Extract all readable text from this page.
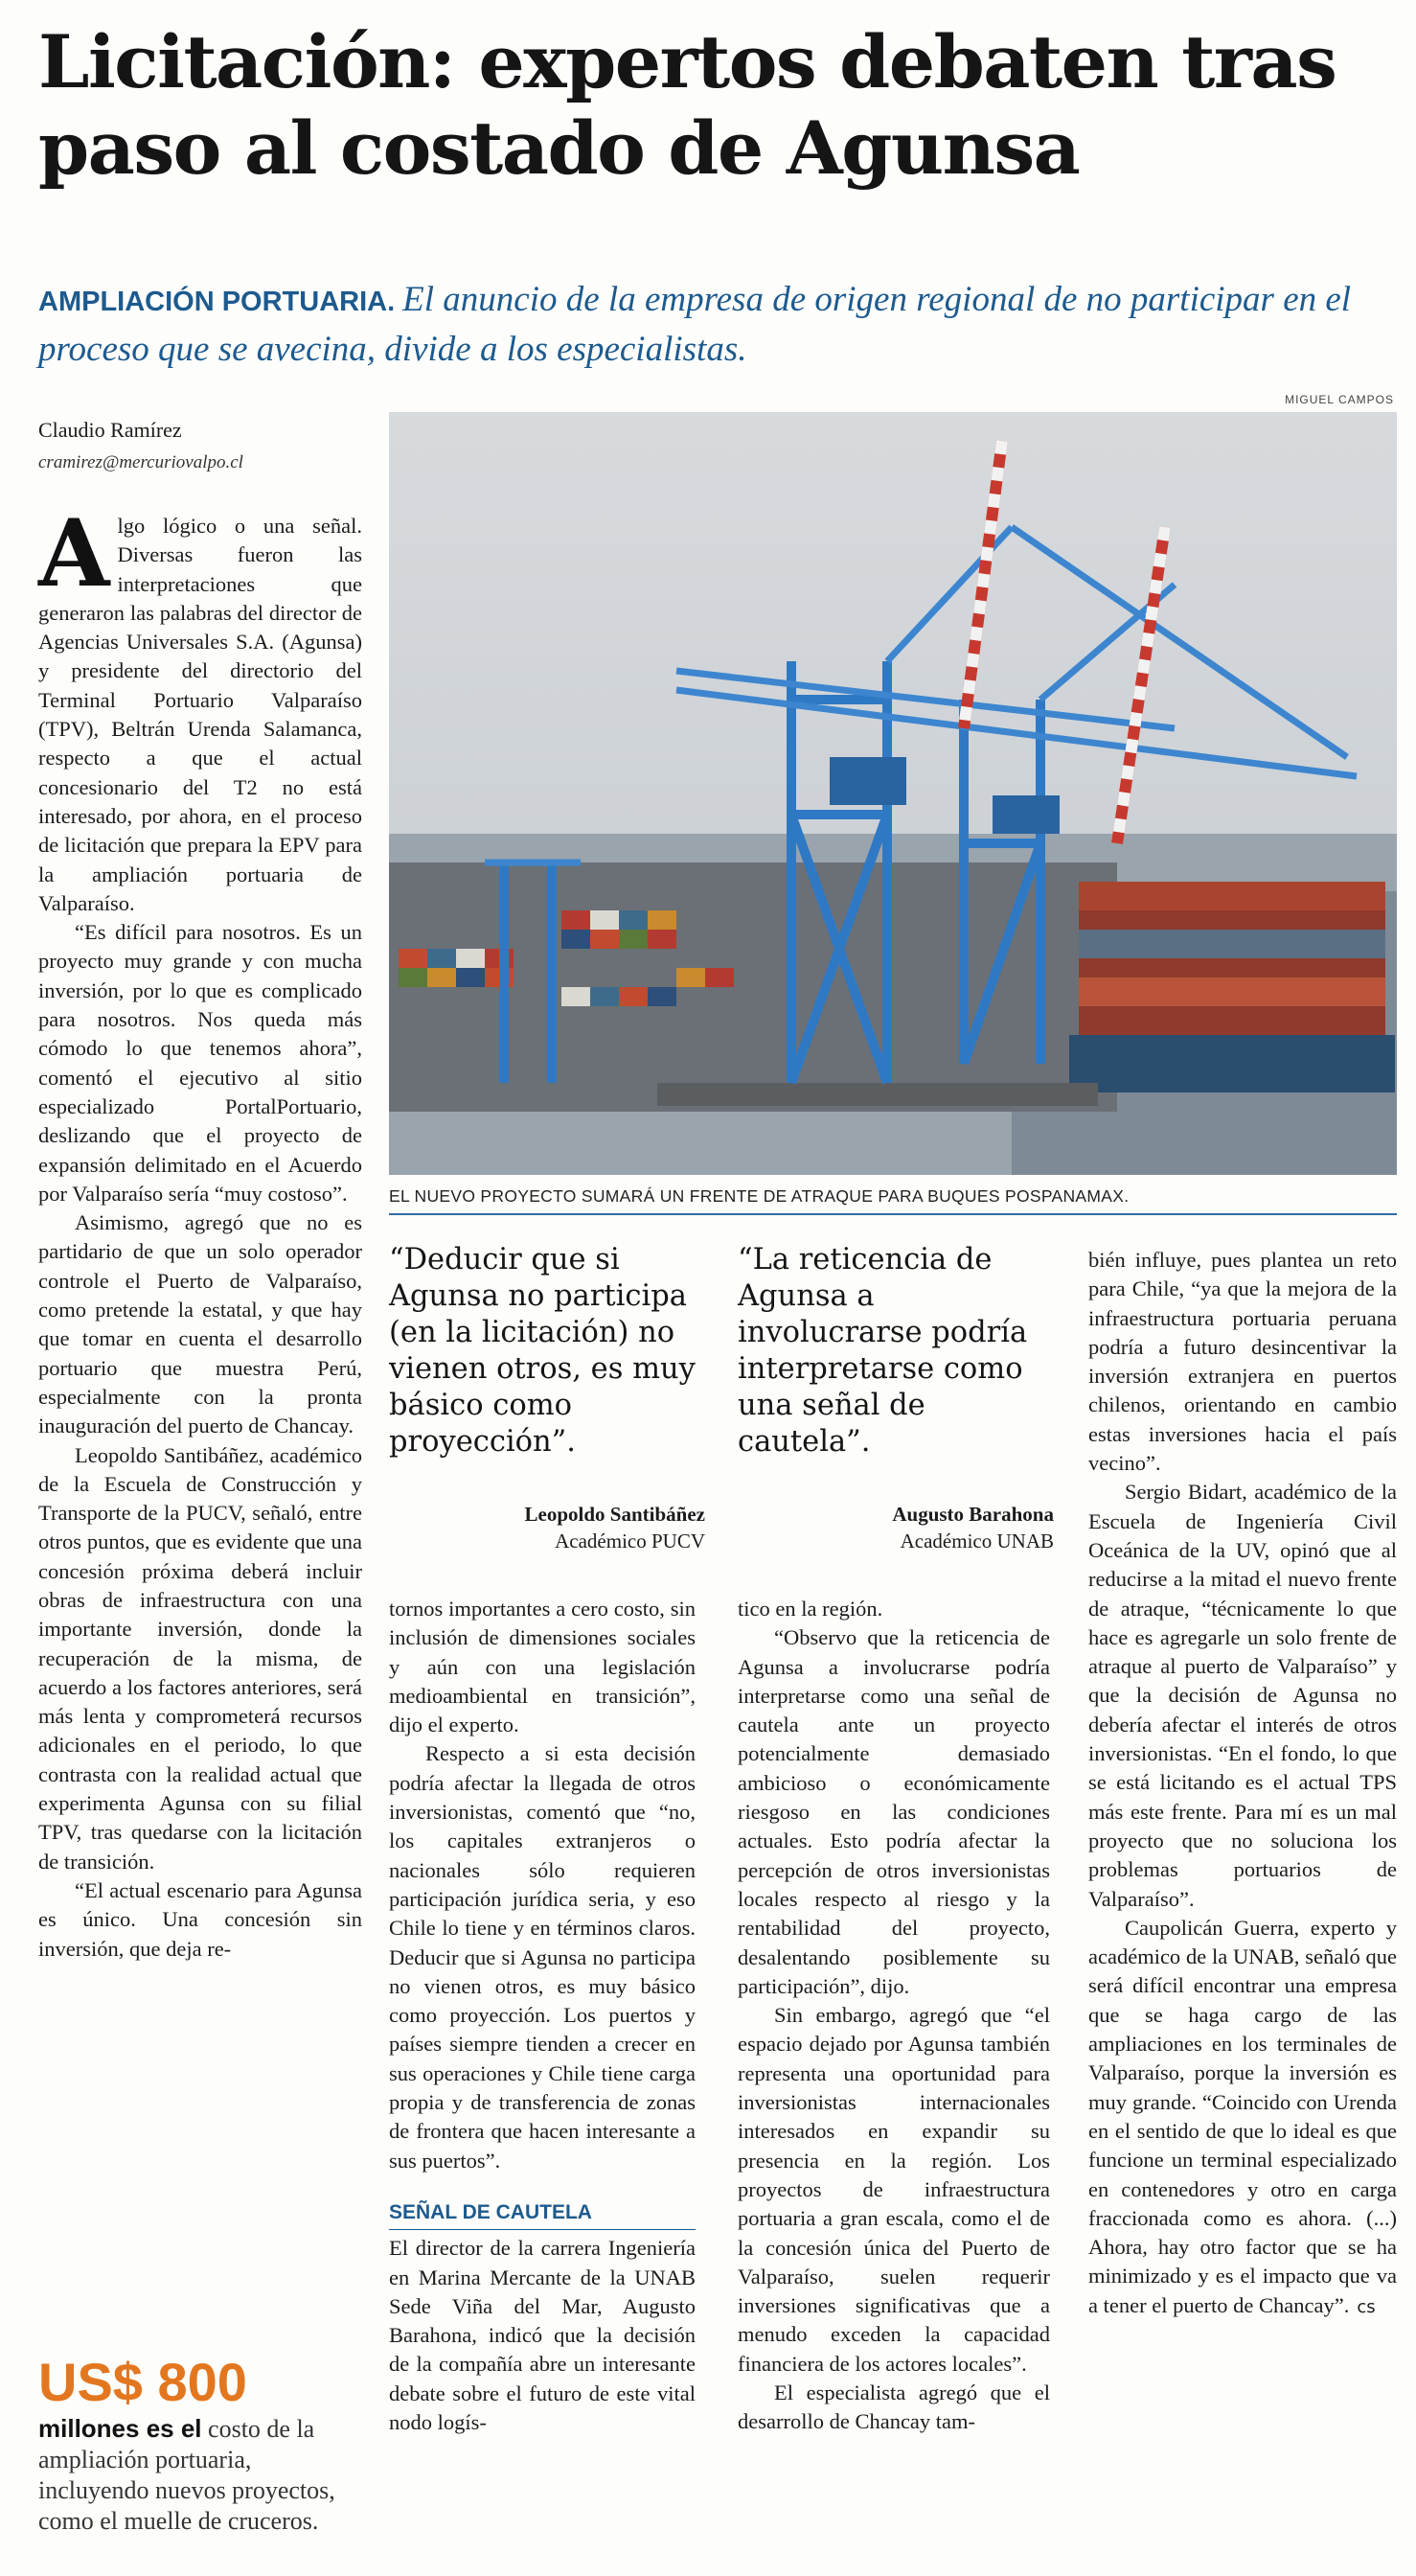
Licitación: expertos debaten tras paso al costado de Agunsa
AMPLIACIÓN PORTUARIA. El anuncio de la empresa de origen regional de no participar en el proceso que se avecina, divide a los especialistas.
Claudio Ramírez
cramirez@mercuriovalpo.cl
MIGUEL CAMPOS
EL NUEVO PROYECTO SUMARÁ UN FRENTE DE ATRAQUE PARA BUQUES POSPANAMAX.

Algo lógico o una señal. Diversas fueron las interpretaciones que generaron las palabras del director de Agencias Universales S.A. (Agunsa) y presidente del directorio del Terminal Portuario Valparaíso (TPV), Beltrán Urenda Salamanca, respecto a que el actual concesionario del T2 no está interesado, por ahora, en el proceso de licitación que prepara la EPV para la ampliación portuaria de Valparaíso.

“Es difícil para nosotros. Es un proyecto muy grande y con mucha inversión, por lo que es complicado para nosotros. Nos queda más cómodo lo que tenemos ahora”, comentó el ejecutivo al sitio especializado PortalPortuario, deslizando que el proyecto de expansión delimitado en el Acuerdo por Valparaíso sería “muy costoso”.

Asimismo, agregó que no es partidario de que un solo operador controle el Puerto de Valparaíso, como pretende la estatal, y que hay que tomar en cuenta el desarrollo portuario que muestra Perú, especialmente con la pronta inauguración del puerto de Chancay.

Leopoldo Santibáñez, académico de la Escuela de Construcción y Transporte de la PUCV, señaló, entre otros puntos, que es evidente que una concesión próxima deberá incluir obras de infraestructura con una importante inversión, donde la recuperación de la misma, de acuerdo a los factores anteriores, será más lenta y comprometerá recursos adicionales en el periodo, lo que contrasta con la realidad actual que experimenta Agunsa con su filial TPV, tras quedarse con la licitación de transición.

“El actual escenario para Agunsa es único. Una concesión sin inversión, que deja re-

“Deducir que si Agunsa no participa (en la licitación) no vienen otros, es muy básico como proyección”.
Leopoldo Santibáñez
Académico PUCV
“La reticencia de Agunsa a involucrarse podría interpretarse como una señal de cautela”.
Augusto Barahona
Académico UNAB

tornos importantes a cero costo, sin inclusión de dimensiones sociales y aún con una legislación medioambiental en transición”, dijo el experto.

Respecto a si esta decisión podría afectar la llegada de otros inversionistas, comentó que “no, los capitales extranjeros o nacionales sólo requieren participación jurídica seria, y eso Chile lo tiene y en términos claros. Deducir que si Agunsa no participa no vienen otros, es muy básico como proyección. Los puertos y países siempre tienden a crecer en sus operaciones y Chile tiene carga propia y de transferencia de zonas de frontera que hacen interesante a sus puertos”.

SEÑAL DE CAUTELA

El director de la carrera Ingeniería en Marina Mercante de la UNAB Sede Viña del Mar, Augusto Barahona, indicó que la decisión de la compañía abre un interesante debate sobre el futuro de este vital nodo logís-

tico en la región.

“Observo que la reticencia de Agunsa a involucrarse podría interpretarse como una señal de cautela ante un proyecto potencialmente demasiado ambicioso o económicamente riesgoso en las condiciones actuales. Esto podría afectar la percepción de otros inversionistas locales respecto al riesgo y la rentabilidad del proyecto, desalentando posiblemente su participación”, dijo.

Sin embargo, agregó que “el espacio dejado por Agunsa también representa una oportunidad para inversionistas internacionales interesados en expandir su presencia en la región. Los proyectos de infraestructura portuaria a gran escala, como el de la concesión única del Puerto de Valparaíso, suelen requerir inversiones significativas que a menudo exceden la capacidad financiera de los actores locales”.

El especialista agregó que el desarrollo de Chancay tam-

bién influye, pues plantea un reto para Chile, “ya que la mejora de la infraestructura portuaria peruana podría a futuro desincentivar la inversión extranjera en puertos chilenos, orientando en cambio estas inversiones hacia el país vecino”.

Sergio Bidart, académico de la Escuela de Ingeniería Civil Oceánica de la UV, opinó que al reducirse a la mitad el nuevo frente de atraque, “técnicamente lo que hace es agregarle un solo frente de atraque al puerto de Valparaíso” y que la decisión de Agunsa no debería afectar el interés de otros inversionistas. “En el fondo, lo que se está licitando es el actual TPS más este frente. Para mí es un mal proyecto que no soluciona los problemas portuarios de Valparaíso”.

Caupolicán Guerra, experto y académico de la UNAB, señaló que será difícil encontrar una empresa que se haga cargo de las ampliaciones en los terminales de Valparaíso, porque la inversión es muy grande. “Coincido con Urenda en el sentido de que lo ideal es que funcione un terminal especializado en contenedores y otro en carga fraccionada como es ahora. (...) Ahora, hay otro factor que se ha minimizado y es el impacto que va a tener el puerto de Chancay”. cs

US$ 800
millones es el costo de la ampliación portuaria, incluyendo nuevos proyectos, como el muelle de cruceros.
